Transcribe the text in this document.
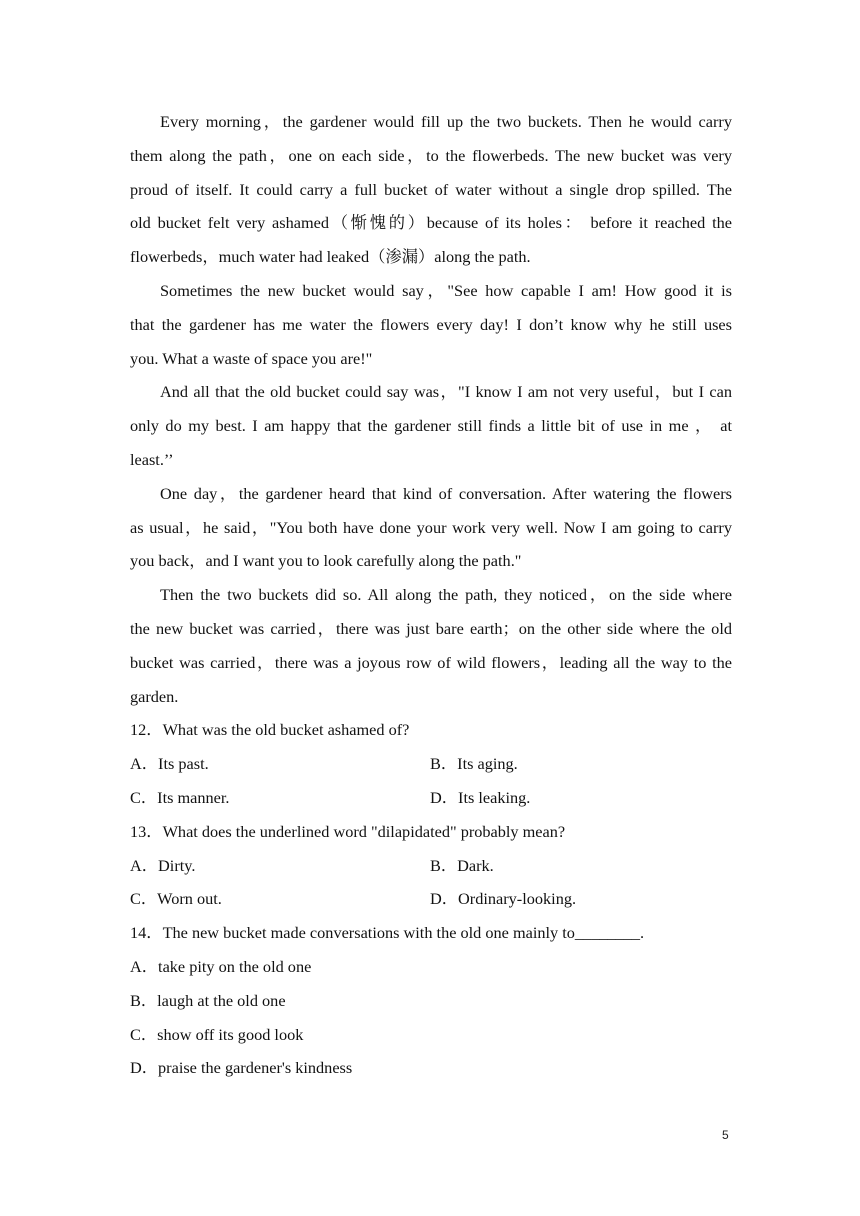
Every morning，the gardener would fill up the two buckets. Then he would carry
them along the path，one on each side，to the flowerbeds. The new bucket was very
proud of itself. It could carry a full bucket of water without a single drop spilled. The
old bucket felt very ashamed（惭愧的）because of its holes： before it reached the
flowerbeds，much water had leaked（渗漏）along the path.
Sometimes the new bucket would say，"See how capable I am! How good it is
that the gardener has me water the flowers every day! I don’t know why he still uses
you. What a waste of space you are!"
And all that the old bucket could say was，"I know I am not very useful，but I can
only do my best. I am happy that the gardener still finds a little bit of use in me ， at
least.’’
One day，the gardener heard that kind of conversation. After watering the flowers
as usual，he said，"You both have done your work very well. Now I am going to carry
you back，and I want you to look carefully along the path."
Then the two buckets did so. All along the path, they noticed，on the side where
the new bucket was carried，there was just bare earth；on the other side where the old
bucket was carried，there was a joyous row of wild flowers，leading all the way to the
garden.
12．What was the old bucket ashamed of?
A．Its past.	B．Its aging.
C．Its manner.	D．Its leaking.
13．What does the underlined word "dilapidated" probably mean?
A．Dirty.	B．Dark.
C．Worn out.	D．Ordinary-looking.
14．The new bucket made conversations with the old one mainly to________.
A．take pity on the old one
B．laugh at the old one
C．show off its good look
D．praise the gardener's kindness
5
